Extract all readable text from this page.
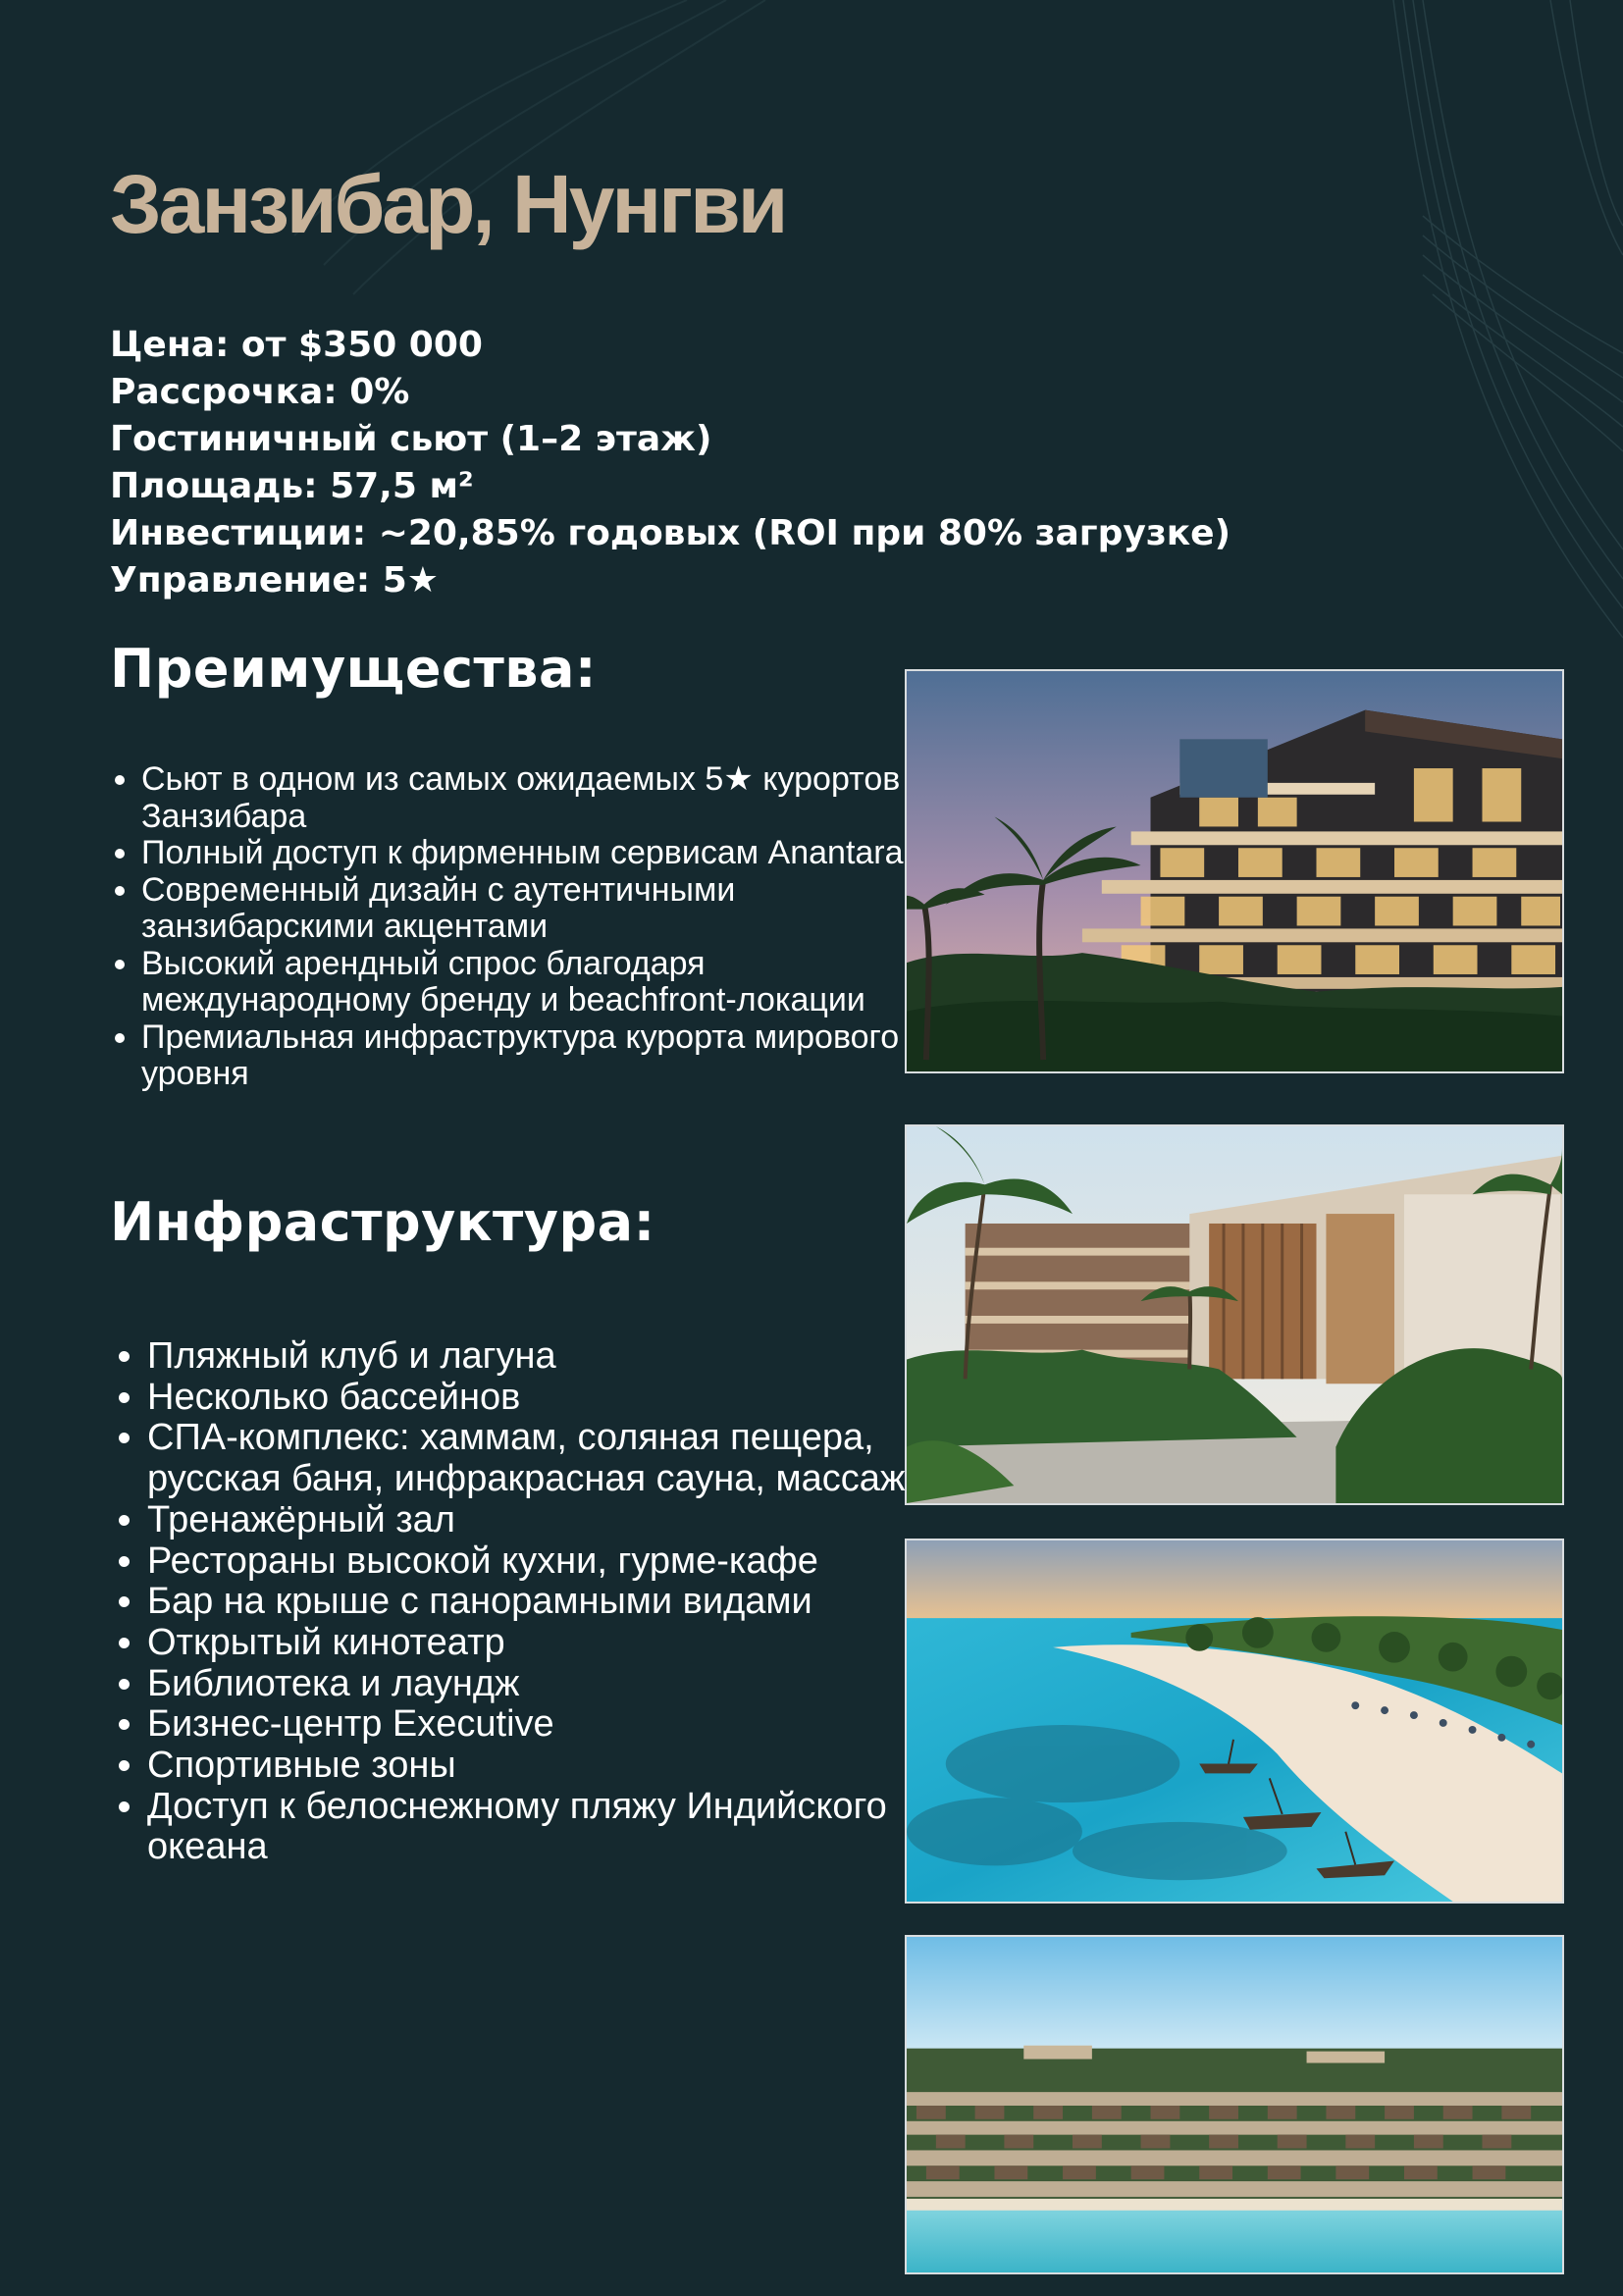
Занзибар, Нунгви
Цена: от $350 000
Рассрочка: 0%
Гостиничный сьют (1–2 этаж)
Площадь: 57,5 м²
Инвестиции: ~20,85% годовых (ROI при 80% загрузке)
Управление: 5★
Преимущества:
• Сьют в одном из самых ожидаемых 5★ курортов Занзибара
• Полный доступ к фирменным сервисам Anantara
• Современный дизайн с аутентичными занзибарскими акцентами
• Высокий арендный спрос благодаря международному бренду и beachfront-локации
• Премиальная инфраструктура курорта мирового уровня
Инфраструктура:
• Пляжный клуб и лагуна
• Несколько бассейнов
• СПА-комплекс: хаммам, соляная пещера, русская баня, инфракрасная сауна, массаж
• Тренажёрный зал
• Рестораны высокой кухни, гурме-кафе
• Бар на крыше с панорамными видами
• Открытый кинотеатр
• Библиотека и лаундж
• Бизнес-центр Executive
• Спортивные зоны
• Доступ к белоснежному пляжу Индийского океана
